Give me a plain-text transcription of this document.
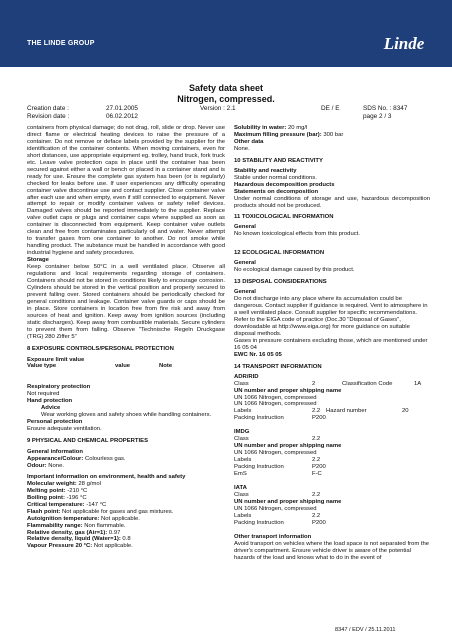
THE LINDE GROUP	Linde
Safety data sheet
Nitrogen, compressed.
Creation date :	27.01.2005	Version : 2.1	DE / E	SDS No. : 8347
Revision date :	06.02.2012	page 2 / 3

containers from physical damage; do not drag, roll, slide or drop. Never use direct flame or electrical heating devices to raise the pressure of a container. Do not remove or deface labels provided by the supplier for the identification of the container contents. When moving containers, even for short distances, use appropriate equipment eg. trolley, hand truck, fork truck etc. Leave valve protection caps in place until the container has been secured against either a wall or bench or placed in a container stand and is ready for use. Ensure the complete gas system has been (or is regularly) checked for leaks before use. If user experiences any difficulty operating container valve discontinue use and contact supplier. Close container valve after each use and when empty, even if still connected to equipment. Never attempt to repair or modify container valves or safety relief devices. Damaged valves should be reported immediately to the supplier. Replace valve outlet caps or plugs and container caps where supplied as soon as container is disconnected from equipment. Keep container valve outlets clean and free from contaminates particularly oil and water. Never attempt to transfer gases from one container to another. Do not smoke while handling product. The substance must be handled in accordance with good industrial hygiene and safety procedures.

Storage

Keep container below 50°C in a well ventilated place. Observe all regulations and local requirements regarding storage of containers. Containers should not be stored in conditions likely to encourage corrosion. Cylinders should be stored in the vertical position and properly secured to prevent falling over. Stored containers should be periodically checked for general conditions and leakage. Container valve guards or caps should be in place. Store containers in location free from fire risk and away from sources of heat and ignition. Keep away from ignition sources (including static discharges). Keep away from combustible materials. Secure cylinders to prevent them from falling. Observe "Technische Regeln Druckgase (TRG) 280 Ziffer 5"

8 EXPOSURE CONTROLS/PERSONAL PROTECTION
Exposure limit value
Value type	value	Note
Respiratory protection
Not required
Hand protection
Advice

Wear working gloves and safety shoes while handling containers.

Personal protection
Ensure adequate ventilation.
9 PHYSICAL AND CHEMICAL PROPERTIES
General information
Appearance/Colour: Colourless gas.
Odour: None.
Important information on environment, health and safety
Molecular weight: 28 g/mol
Melting point: -210 °C
Boiling point: -196 °C
Critical temperature: -147 °C
Flash point: Not applicable for gases and gas mixtures.
Autoignition temperature: Not applicable.
Flammability range: Non flammable.
Relative density, gas (Air=1): 0.97
Relative density, liquid (Water=1): 0.8
Vapour Pressure 20 °C: Not applicable.
Solubility in water: 20 mg/l
Maximum filling pressure (bar): 300 bar
Other data
None.
10 STABILITY AND REACTIVITY
Stability and reactivity
Stable under normal conditions.
Hazardous decomposition products
Statements on decomposition

Under normal conditions of storage and use, hazardous decomposition products should not be produced.

11 TOXICOLOGICAL INFORMATION
General
No known toxicological effects from this product.
12 ECOLOGICAL INFORMATION
General
No ecological damage caused by this product.
13 DISPOSAL CONSIDERATIONS
General
Do not discharge into any place where its accumulation could be dangerous. Contact supplier if guidance is required. Vent to atmosphere in a well ventilated place. Consult supplier for specific recommendations. Refer to the EIGA code of practice (Doc.30 "Disposal of Gases", downloadable at http://www.eiga.org) for more guidance on suitable disposal methods.
Gases in pressure containers excluding those, which are mentioned under 16 05 04
EWC Nr. 16 05 05
14 TRANSPORT INFORMATION
ADR/RID
Class	2	Classification Code	1A
UN number and proper shipping name
UN 1066 Nitrogen, compressed
UN 1066 Nitrogen, compressed
Labels	2.2 Hazard number	20
Packing Instruction	P200
IMDG
Class	2.2
UN number and proper shipping name
UN 1066 Nitrogen, compressed
Labels	2.2
Packing Instruction	P200
EmS	F-C
IATA
Class	2.2
UN number and proper shipping name
UN 1066 Nitrogen, compressed
Labels	2.2
Packing Instruction	P200
Other transport information

Avoid transport on vehicles where the load space is not separated from the driver's compartment. Ensure vehicle driver is aware of the potential hazards of the load and knows what to do in the event of

8347 / EDV / 25.11.2011
